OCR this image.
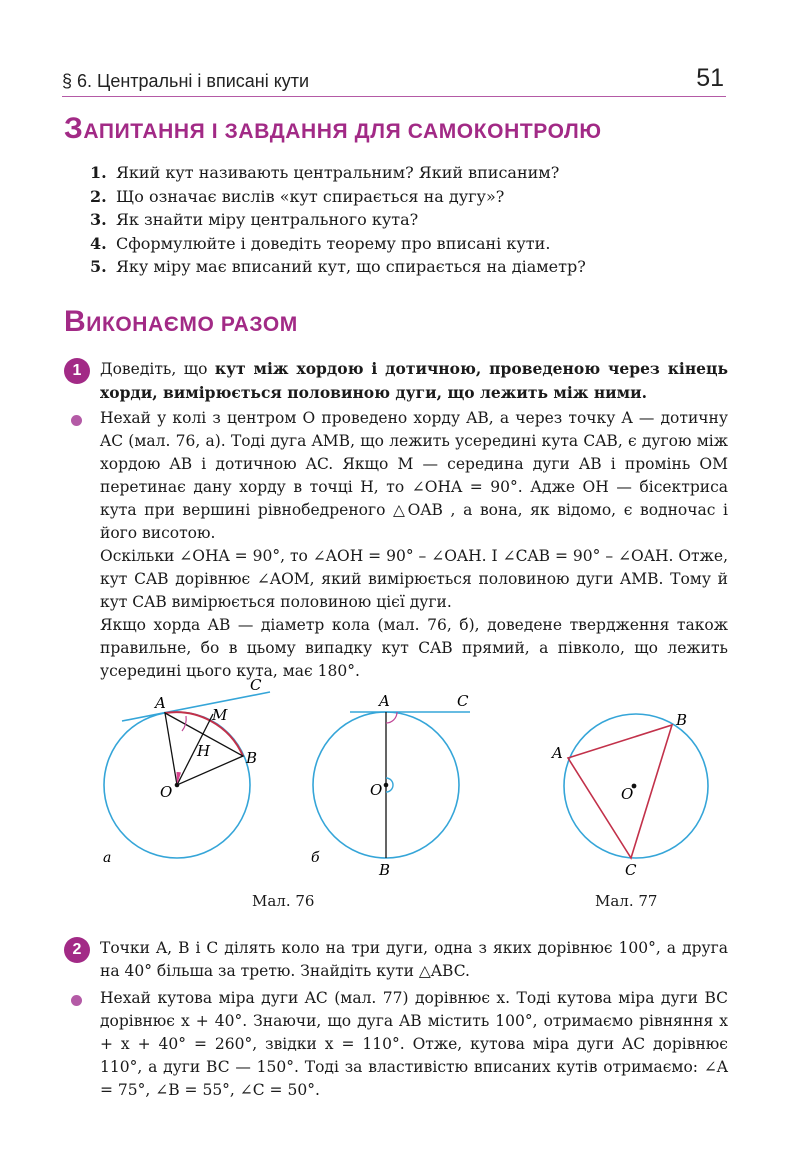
§ 6. Центральні і вписані кути	51
ЗАПИТАННЯ І ЗАВДАННЯ ДЛЯ САМОКОНТРОЛЮ
1. Який кут називають центральним? Який вписаним?
2. Що означає вислів «кут спирається на дугу»?
3. Як знайти міру центрального кута?
4. Сформулюйте і доведіть теорему про вписані кути.
5. Яку міру має вписаний кут, що спирається на діаметр?
ВИКОНАЄМО РАЗОМ
1	Доведіть, що кут між хордою і дотичною, проведеною через кінець хорди, вимірюється половиною дуги, що лежить між ними.

Нехай у колі з центром O проведено хорду AB, а через точку A — дотичну AC (мал. 76, а). Тоді дуга AMB, що лежить усередині кута CAB, є дугою між хордою AB і дотичною AC. Якщо M — середина дуги AB і промінь OM перетинає дану хорду в точці H, то ∠OHA = 90°. Адже OH — бісектриса кута при вершині рівнобедреного △OAB , а вона, як відомо, є водночас і його висотою.

Оскільки ∠OHA = 90°, то ∠AOH = 90° – ∠OAH. І ∠CAB = 90° – ∠OAH. Отже, кут CAB дорівнює ∠AOM, який вимірюється половиною дуги AMB. Тому й кут CAB вимірюється половиною цієї дуги.

Якщо хорда AB — діаметр кола (мал. 76, б), доведене твердження також правильне, бо в цьому випадку кут CAB прямий, а півколо, що лежить усередині цього кута, має 180°.

A
C
M
H B
O
а
A	C
O
B
б
A
B
O
C
Мал. 76	Мал. 77
2	Точки A, B і C ділять коло на три дуги, одна з яких дорівнює 100°, а друга на 40° більша за третю. Знайдіть кути △ABC.

Нехай кутова міра дуги AC (мал. 77) дорівнює x. Тоді кутова міра дуги BC дорівнює x + 40°. Знаючи, що дуга AB містить 100°, отримаємо рівняння x + x + 40° = 260°, звідки x = 110°. Отже, кутова міра дуги AC дорівнює 110°, а дуги BC — 150°. Тоді за властивістю вписаних кутів отримаємо: ∠A = 75°, ∠B = 55°, ∠C = 50°.
